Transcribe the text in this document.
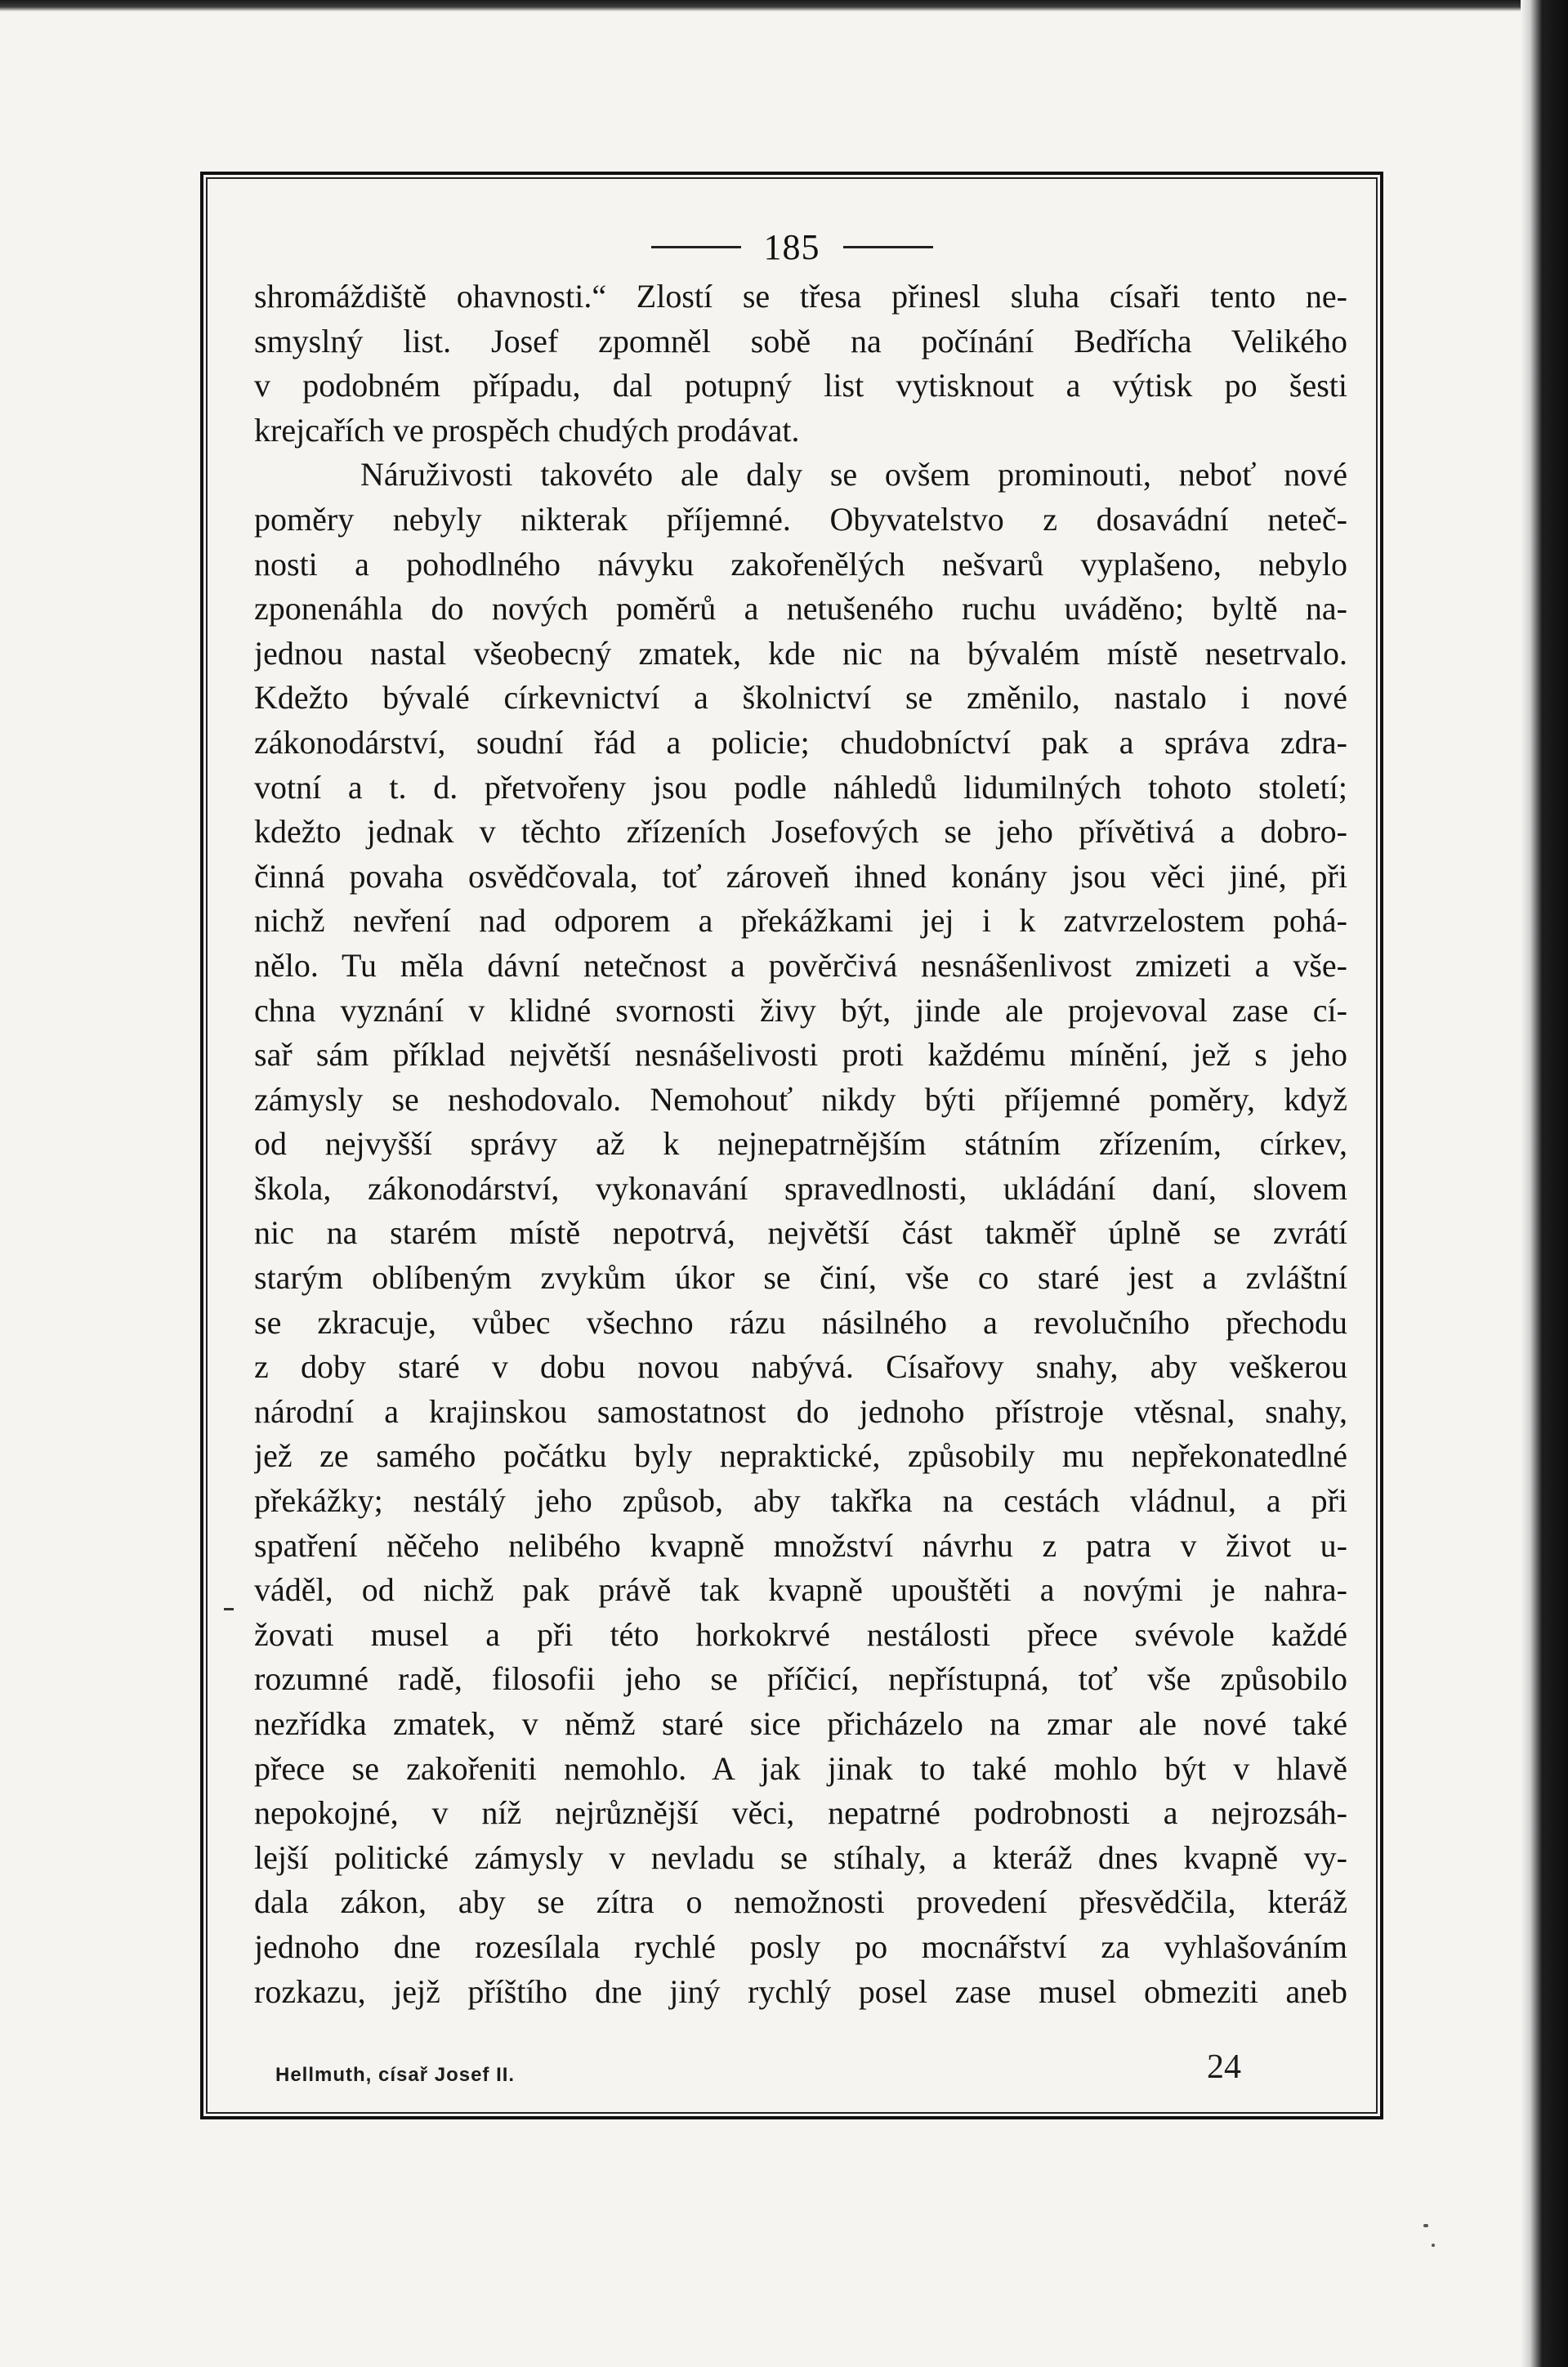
185
shromáždiště ohavnosti.“ Zlostí se třesa přinesl sluha císaři tento ne-
smyslný list. Josef zpomněl sobě na počínání Bedřícha Velikého
v podobném případu, dal potupný list vytisknout a výtisk po šesti
krejcařích ve prospěch chudých prodávat.
Náruživosti takovéto ale daly se ovšem prominouti, neboť nové
poměry nebyly nikterak příjemné. Obyvatelstvo z dosavádní neteč-
nosti a pohodlného návyku zakořenělých nešvarů vyplašeno, nebylo
zponenáhla do nových poměrů a netušeného ruchu uváděno; byltě na-
jednou nastal všeobecný zmatek, kde nic na bývalém místě nesetrvalo.
Kdežto bývalé církevnictví a školnictví se změnilo, nastalo i nové
zákonodárství, soudní řád a policie; chudobníctví pak a správa zdra-
votní a t. d. přetvořeny jsou podle náhledů lidumilných tohoto století;
kdežto jednak v těchto zřízeních Josefových se jeho přívětivá a dobro-
činná povaha osvědčovala, toť zároveň ihned konány jsou věci jiné, při
nichž nevření nad odporem a překážkami jej i k zatvrzelostem pohá-
nělo. Tu měla dávní netečnost a pověrčivá nesnášenlivost zmizeti a vše-
chna vyznání v klidné svornosti živy být, jinde ale projevoval zase cí-
sař sám příklad největší nesnášelivosti proti každému mínění, jež s jeho
zámysly se neshodovalo. Nemohouť nikdy býti příjemné poměry, když
od nejvyšší správy až k nejnepatrnějším státním zřízením, církev,
škola, zákonodárství, vykonavání spravedlnosti, ukládání daní, slovem
nic na starém místě nepotrvá, největší část takměř úplně se zvrátí
starým oblíbeným zvykům úkor se činí, vše co staré jest a zvláštní
se zkracuje, vůbec všechno rázu násilného a revolučního přechodu
z doby staré v dobu novou nabývá. Císařovy snahy, aby veškerou
národní a krajinskou samostatnost do jednoho přístroje vtěsnal, snahy,
jež ze samého počátku byly nepraktické, způsobily mu nepřekonatedlné
překážky; nestálý jeho způsob, aby takřka na cestách vládnul, a při
spatření něčeho nelibého kvapně množství návrhu z patra v život u-
váděl, od nichž pak právě tak kvapně upouštěti a novými je nahra-
žovati musel a při této horkokrvé nestálosti přece svévole každé
rozumné radě, filosofii jeho se příčicí, nepřístupná, toť vše způsobilo
nezřídka zmatek, v němž staré sice přicházelo na zmar ale nové také
přece se zakořeniti nemohlo. A jak jinak to také mohlo být v hlavě
nepokojné, v níž nejrůznější věci, nepatrné podrobnosti a nejrozsáh-
lejší politické zámysly v nevladu se stíhaly, a kteráž dnes kvapně vy-
dala zákon, aby se zítra o nemožnosti provedení přesvědčila, kteráž
jednoho dne rozesílala rychlé posly po mocnářství za vyhlašováním
rozkazu, jejž příštího dne jiný rychlý posel zase musel obmeziti aneb
Hellmuth, císař Josef II.	24
